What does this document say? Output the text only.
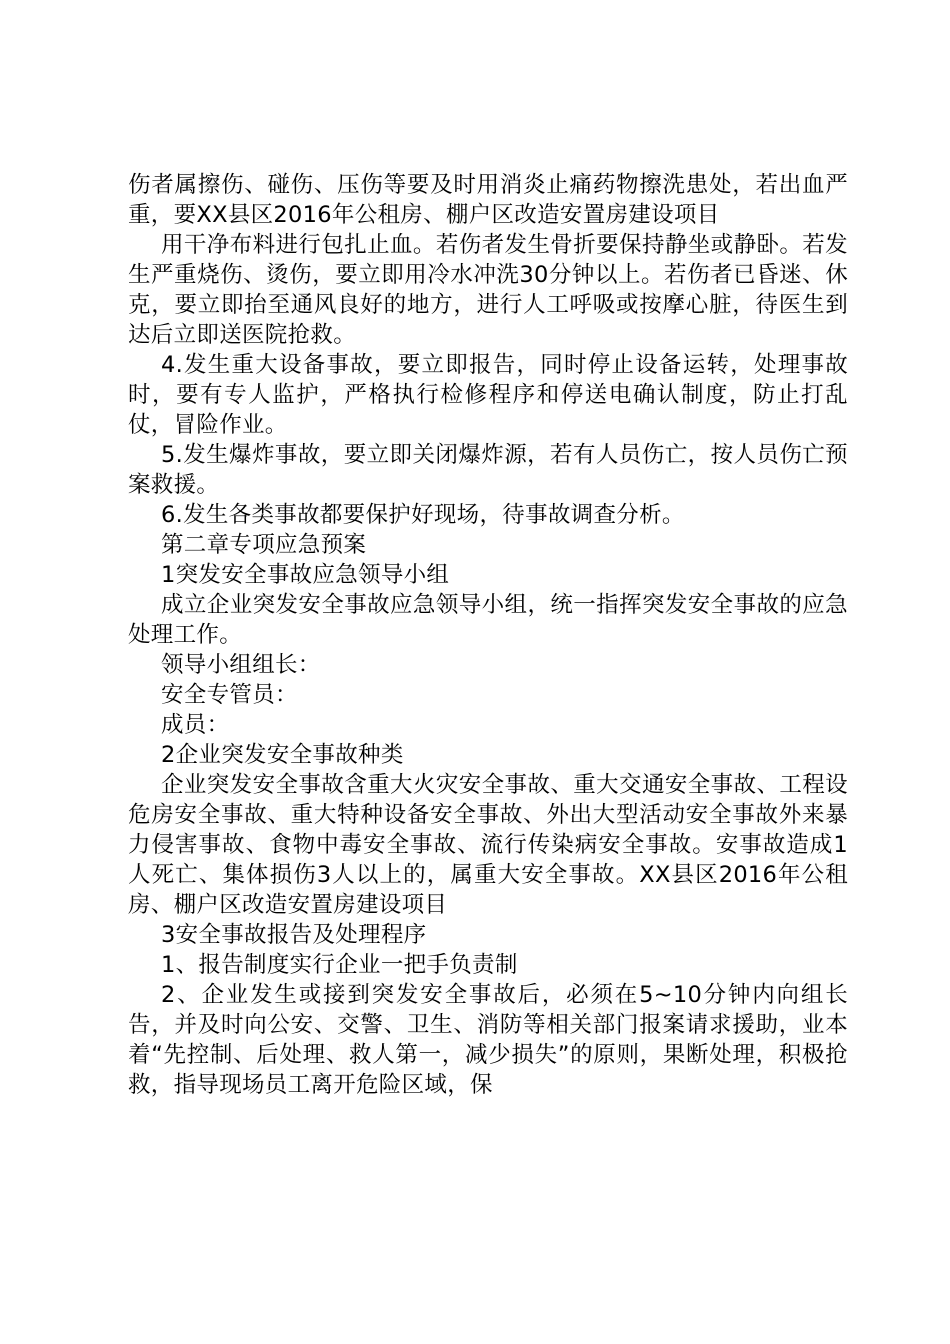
伤者属擦伤、碰伤、压伤等要及时用消炎止痛药物擦洗患处，若出血严重，要XX县区2016年公租房、棚户区改造安置房建设项目

用干净布料进行包扎止血。若伤者发生骨折要保持静坐或静卧。若发生严重烧伤、烫伤，要立即用冷水冲洗30分钟以上。若伤者已昏迷、休克，要立即抬至通风良好的地方，进行人工呼吸或按摩心脏，待医生到达后立即送医院抢救。

4.发生重大设备事故，要立即报告，同时停止设备运转，处理事故时，要有专人监护，严格执行检修程序和停送电确认制度，防止打乱仗，冒险作业。

5.发生爆炸事故，要立即关闭爆炸源，若有人员伤亡，按人员伤亡预案救援。

6.发生各类事故都要保护好现场，待事故调查分析。

第二章专项应急预案

1突发安全事故应急领导小组

成立企业突发安全事故应急领导小组，统一指挥突发安全事故的应急处理工作。

领导小组组长：

安全专管员：

成员：

2企业突发安全事故种类

企业突发安全事故含重大火灾安全事故、重大交通安全事故、工程设危房安全事故、重大特种设备安全事故、外出大型活动安全事故外来暴力侵害事故、食物中毒安全事故、流行传染病安全事故。安事故造成1人死亡、集体损伤3人以上的，属重大安全事故。XX县区2016年公租房、棚户区改造安置房建设项目

3安全事故报告及处理程序

1、报告制度实行企业一把手负责制

2、企业发生或接到突发安全事故后，必须在5~10分钟内向组长告，并及时向公安、交警、卫生、消防等相关部门报案请求援助，业本着“先控制、后处理、救人第一，减少损失”的原则，果断处理，积极抢救，指导现场员工离开危险区域，保
